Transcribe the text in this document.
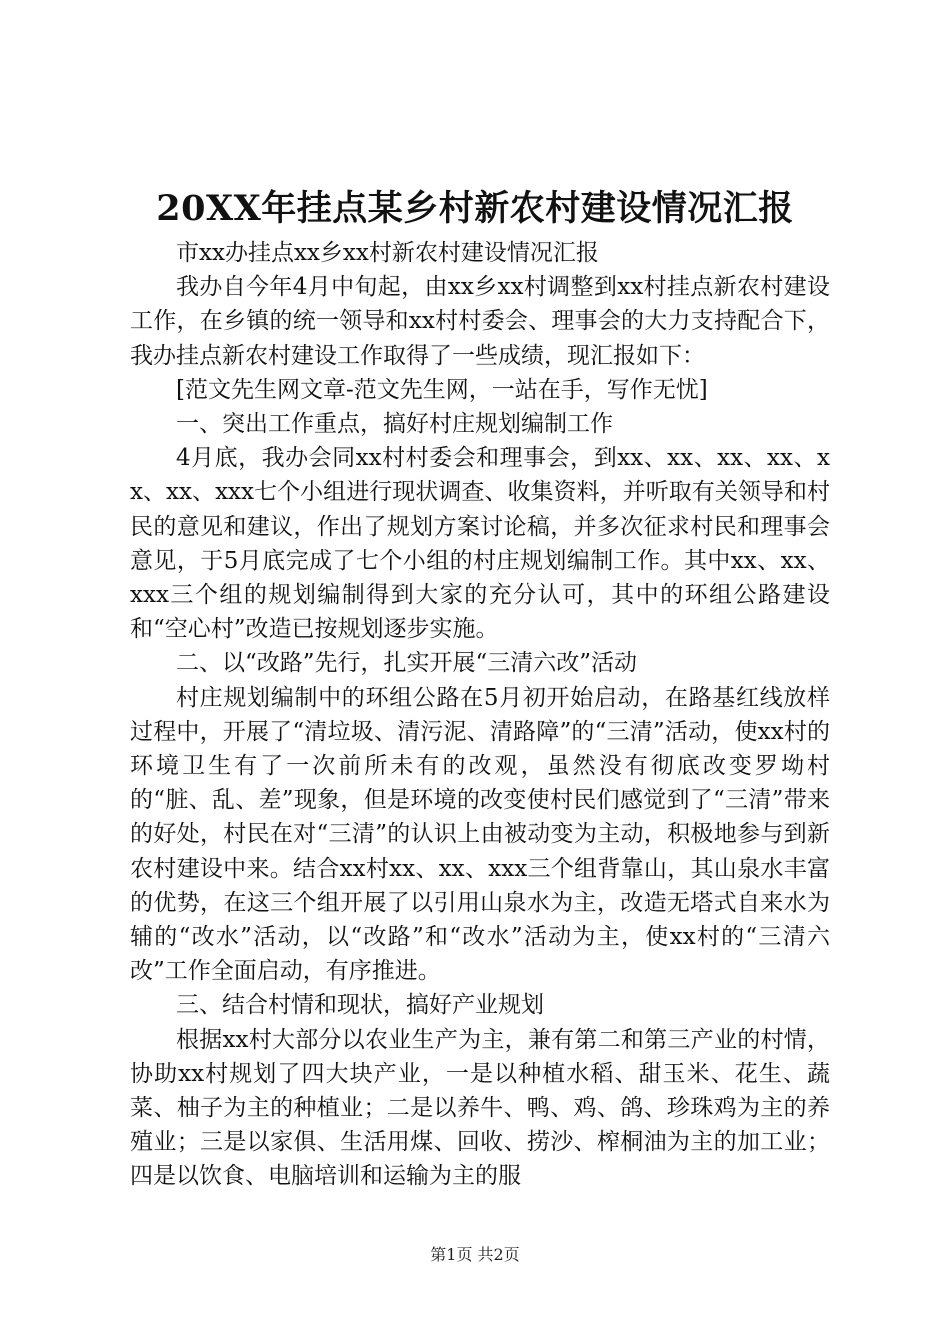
20XX年挂点某乡村新农村建设情况汇报

市xx办挂点xx乡xx村新农村建设情况汇报

我办自今年4月中旬起，由xx乡xx村调整到xx村挂点新农村建设工作，在乡镇的统一领导和xx村村委会、理事会的大力支持配合下，我办挂点新农村建设工作取得了一些成绩，现汇报如下：

[范文先生网文章-范文先生网，一站在手，写作无忧]

一、突出工作重点，搞好村庄规划编制工作

4月底，我办会同xx村村委会和理事会，到xx、xx、xx、xx、xx、xx、xxx七个小组进行现状调查、收集资料，并听取有关领导和村民的意见和建议，作出了规划方案讨论稿，并多次征求村民和理事会意见，于5月底完成了七个小组的村庄规划编制工作。其中xx、xx、xxx三个组的规划编制得到大家的充分认可，其中的环组公路建设和“空心村”改造已按规划逐步实施。

二、以“改路”先行，扎实开展“三清六改”活动

村庄规划编制中的环组公路在5月初开始启动，在路基红线放样过程中，开展了“清垃圾、清污泥、清路障”的“三清”活动，使xx村的环境卫生有了一次前所未有的改观，虽然没有彻底改变罗坳村的“脏、乱、差”现象，但是环境的改变使村民们感觉到了“三清”带来的好处，村民在对“三清”的认识上由被动变为主动，积极地参与到新农村建设中来。结合xx村xx、xx、xxx三个组背靠山，其山泉水丰富的优势，在这三个组开展了以引用山泉水为主，改造无塔式自来水为辅的“改水”活动，以“改路”和“改水”活动为主，使xx村的“三清六改”工作全面启动，有序推进。

三、结合村情和现状，搞好产业规划

根据xx村大部分以农业生产为主，兼有第二和第三产业的村情，协助xx村规划了四大块产业，一是以种植水稻、甜玉米、花生、蔬菜、柚子为主的种植业；二是以养牛、鸭、鸡、鸽、珍珠鸡为主的养殖业；三是以家俱、生活用煤、回收、捞沙、榨桐油为主的加工业；四是以饮食、电脑培训和运输为主的服

第1页 共2页
